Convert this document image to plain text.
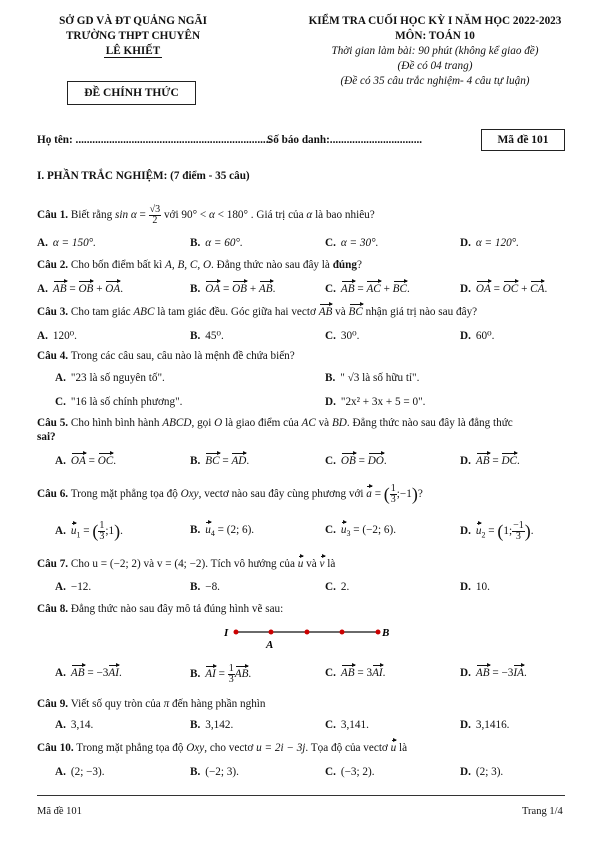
SỞ GD VÀ ĐT QUẢNG NGÃI
TRƯỜNG THPT CHUYÊN
LÊ KHIẾT
ĐỀ CHÍNH THỨC
KIỂM TRA CUỐI HỌC KỲ I NĂM HỌC 2022-2023
MÔN: TOÁN 10
Thời gian làm bài: 90 phút (không kể giao đề)
(Đề có 04 trang)
(Đề có 35 câu trắc nghiệm- 4 câu tự luận)
Họ tên: ......................................................................
Số báo danh:.................................	Mã đề 101
I. PHẦN TRẮC NGHIỆM: (7 điểm - 35 câu)
Câu 1. Biết rằng $\sin \alpha = \frac{√3}{2}$ với 90° < α < 180° . Giá trị của α là bao nhiêu?
A. α = 150°.	B. α = 60°.	C. α = 30°.	D. α = 120°.
Câu 2. Cho bốn điểm bất kì A, B, C, O. Đẳng thức nào sau đây là đúng?
A. AB = OB + OA.	B. OA = OB + AB.	C. AB = AC + BC.	D. OA = OC + CA.
Câu 3. Cho tam giác ABC là tam giác đều. Góc giữa hai vectơ AB và BC nhận giá trị nào sau đây?
A. 120⁰.	B. 45⁰.	C. 30⁰.	D. 60⁰.
Câu 4. Trong các câu sau, câu nào là mệnh đề chứa biến?
A. "23 là số nguyên tố".	B. " √3 là số hữu tỉ".
C. "16 là số chính phương".	D. "2x² + 3x + 5 = 0".
Câu 5. Cho hình bình hành ABCD, gọi O là giao điểm của AC và BD. Đẳng thức nào sau đây là đẳng thức
sai?
A. OA = OC.	B. BC = AD.	C. OB = DO.	D. AB = DC.
Câu 6. Trong mặt phẳng tọa độ Oxy, vectơ nào sau đây cùng phương với a = ( $\frac{1}{3}$ ;−1)?
A. $u_1$ = ( $\frac{1}{3}$ ;1).	B. $u_4 = (2$; 6).	C. $u_3 = (-2$; 6).	D. $u_2 = (1$; $\frac{-1}{3}$ ).
Câu 7. Cho u = (−2; 2) và v = (4; −2). Tích vô hướng của u và v là
A. −12.	B. −8.	C. 2.	D. 10.
Câu 8. Đẳng thức nào sau đây mô tả đúng hình vẽ sau:
I	B
A
A. AB = −3AI.	B. AI = $\frac{1}{3}$ AB.	C. AB = 3AI.	D. AB = −3IA.
Câu 9. Viết số quy tròn của π đến hàng phần nghìn
A. 3,14.	B. 3,142.	C. 3,141.	D. 3,1416.
Câu 10. Trong mặt phẳng tọa độ Oxy, cho vectơ u = 2i − 3j. Tọa độ của vectơ u là
A. (2; −3).	B. (−2; 3).	C. (−3; 2).	D. (2; 3).
Mã đề 101	Trang 1/4
